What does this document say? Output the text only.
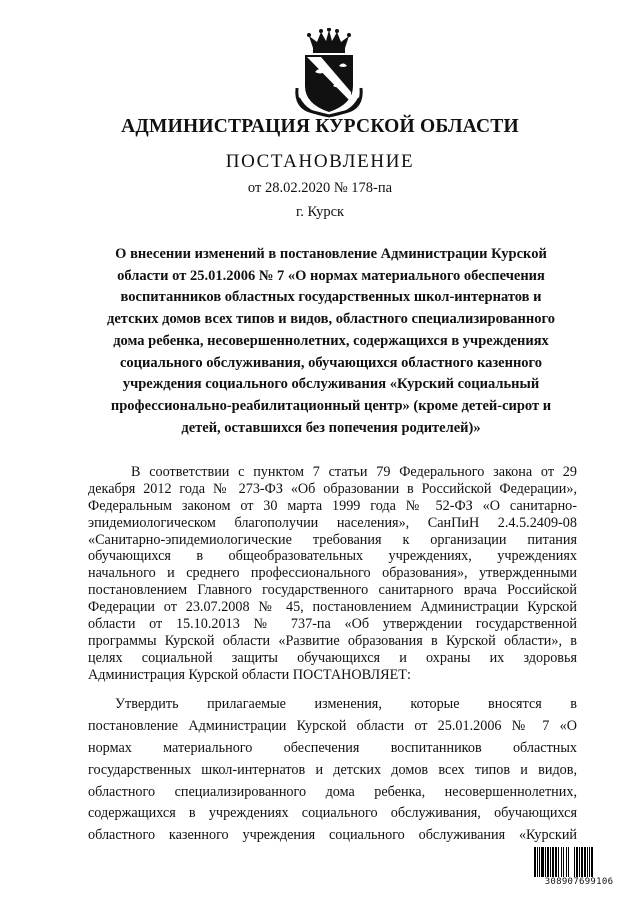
АДМИНИСТРАЦИЯ КУРСКОЙ ОБЛАСТИ
ПОСТАНОВЛЕНИЕ
от 28.02.2020 № 178-па
г. Курск
О внесении изменений в постановление Администрации Курской
области от 25.01.2006 № 7 «О нормах материального обеспечения
воспитанников областных государственных школ-интернатов и
детских домов всех типов и видов, областного специализированного
дома ребенка, несовершеннолетних, содержащихся в учреждениях
социального обслуживания, обучающихся областного казенного
учреждения социального обслуживания «Курский социальный
профессионально-реабилитационный центр» (кроме детей-сирот и
детей, оставшихся без попечения родителей)»
В соответствии с пунктом 7 статьи 79 Федерального закона от 29
декабря 2012 года № 273-ФЗ «Об образовании в Российской Федерации»,
Федеральным законом от 30 марта 1999 года № 52-ФЗ «О санитарно-
эпидемиологическом благополучии населения», СанПиН 2.4.5.2409-08
«Санитарно-эпидемиологические требования к организации питания
обучающихся в общеобразовательных учреждениях, учреждениях
начального и среднего профессионального образования», утвержденными
постановлением Главного государственного санитарного врача Российской
Федерации от 23.07.2008 № 45, постановлением Администрации Курской
области от 15.10.2013 № 737-па «Об утверждении государственной
программы Курской области «Развитие образования в Курской области», в
целях социальной защиты обучающихся и охраны их здоровья
Администрация Курской области ПОСТАНОВЛЯЕТ:
Утвердить прилагаемые изменения, которые вносятся в
постановление Администрации Курской области от 25.01.2006 № 7 «О
нормах материального обеспечения воспитанников областных
государственных школ-интернатов и детских домов всех типов и видов,
областного специализированного дома ребенка, несовершеннолетних,
содержащихся в учреждениях социального обслуживания, обучающихся
областного казенного учреждения социального обслуживания «Курский
308907699106
